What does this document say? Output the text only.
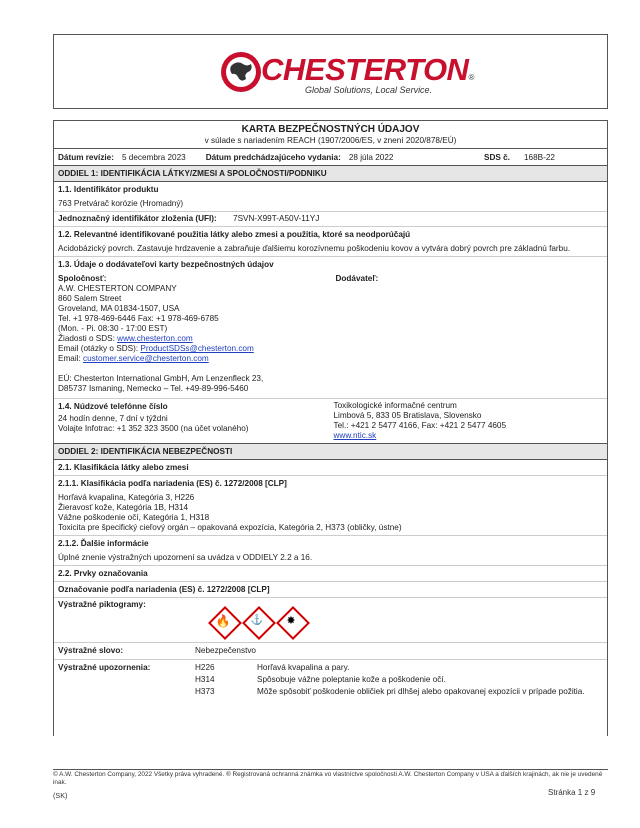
CHESTERTON®
Global Solutions, Local Service.
KARTA BEZPEČNOSTNÝCH ÚDAJOV
v súlade s nariadením REACH (1907/2006/ES, v znení 2020/878/EÚ)
Dátum revízie: 5 decembra 2023 Dátum predchádzajúceho vydania: 28 júla 2022	SDS č. 168B-22
ODDIEL 1: IDENTIFIKÁCIA LÁTKY/ZMESI A SPOLOČNOSTI/PODNIKU
1.1. Identifikátor produktu
763 Pretvárač korózie (Hromadný)
Jednoznačný identifikátor zloženia (UFI): 7SVN-X99T-A50V-11YJ
1.2. Relevantné identifikované použitia látky alebo zmesi a použitia, ktoré sa neodporúčajú
Acidobázický povrch. Zastavuje hrdzavenie a zabraňuje ďalšiemu korozívnemu poškodeniu kovov a vytvára dobrý povrch pre základnú farbu.
1.3. Údaje o dodávateľovi karty bezpečnostných údajov
Spoločnosť:
A.W. CHESTERTON COMPANY
860 Salem Street
Groveland, MA 01834-1507, USA
Tel. +1 978-469-6446 Fax: +1 978-469-6785
(Mon. - Pi. 08:30 - 17:00 EST)
Žiadosti o SDS: www.chesterton.com
Email (otázky o SDS): ProductSDSs@chesterton.com
Email: customer.service@chesterton.com
EÚ: Chesterton International GmbH, Am Lenzenfleck 23,
D85737 Ismaning, Nemecko – Tel. +49-89-996-5460
Dodávateľ:
1.4. Núdzové telefónne číslo
24 hodín denne, 7 dní v týždni
Volajte Infotrac: +1 352 323 3500 (na účet volaného)
Toxikologické informačné centrum
Limbová 5, 833 05 Bratislava, Slovensko
Tel.: +421 2 5477 4166, Fax: +421 2 5477 4605
www.ntic.sk
ODDIEL 2: IDENTIFIKÁCIA NEBEZPEČNOSTI
2.1. Klasifikácia látky alebo zmesi
2.1.1. Klasifikácia podľa nariadenia (ES) č. 1272/2008 [CLP]
Horľavá kvapalina, Kategória 3, H226
Žieravosť kože, Kategória 1B, H314
Vážne poškodenie očí, Kategória 1, H318
Toxicita pre špecifický cieľový orgán – opakovaná expozícia, Kategória 2, H373 (obličky, ústne)
2.1.2. Ďalšie informácie
Úplné znenie výstražných upozornení sa uvádza v ODDIELY 2.2 a 16.
2.2. Prvky označovania
Označovanie podľa nariadenia (ES) č. 1272/2008 [CLP]
Výstražné piktogramy:
🔥	⚓	✸
Výstražné slovo:	Nebezpečenstvo
Výstražné upozornenia:	H226	Horľavá kvapalina a pary.
H314	Spôsobuje vážne poleptanie kože a poškodenie očí.
H373	Môže spôsobiť poškodenie obličiek pri dlhšej alebo opakovanej expozícii v prípade požitia.
© A.W. Chesterton Company, 2022 Všetky práva vyhradené. ® Registrovaná ochranná známka vo vlastníctve spoločnosti A.W. Chesterton Company v USA a ďalších krajinách, ak nie je uvedené inak.
(SK)	Stránka 1 z 9
